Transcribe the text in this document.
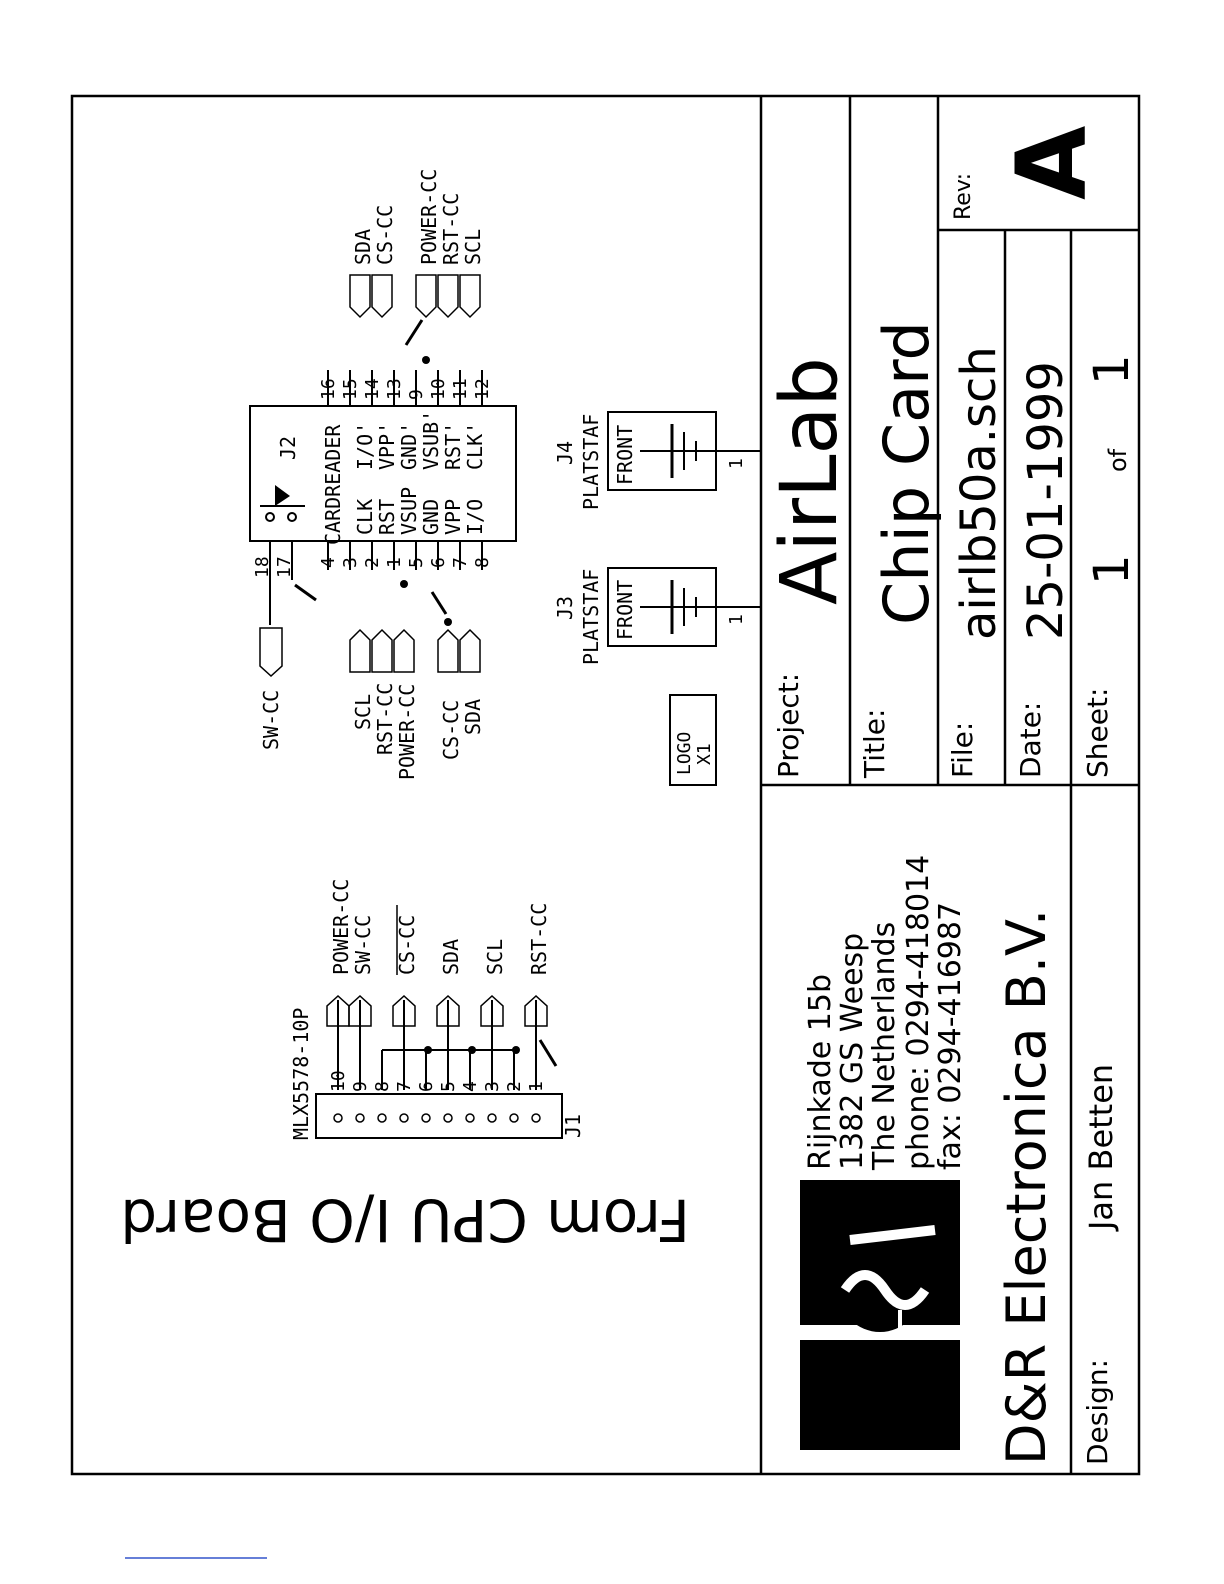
Project:
AirLab
Title:
Chip Card
File:
airlb50a.sch
Date:
25-01-1999
Sheet:
1
of
1
Rev: A
Design:
Jan Betten
D&R Electronica B.V.
Rijnkade 15b
1382 GS Weesp
The Netherlands phone: 0294-418014
fax: 0294-416987
From CPU I/O Board
MLX5578-10P	J1
10 9 8 7 6 5 4 3 2 1
POWER-CC
SW-CC CS-CC SDA SCL RST-CC
J2 CARDREADER
4 3 2 1 5 6 7 8
CLK
RST
VSUP
GND
VPP
I/O
16 15 14 13 9 10 11 12
I/O'
VPP'
GND'
VSUB'
RST'
CLK'
18 17
SW-CC	SCL
RST-CC
POWER-CC CS-CC
SDA
SDA
CS-CC POWER-CC
RST-CC
SCL
J3 PLATSTAF FRONT	1
J4 PLATSTAF FRONT	1
LOGO X1
